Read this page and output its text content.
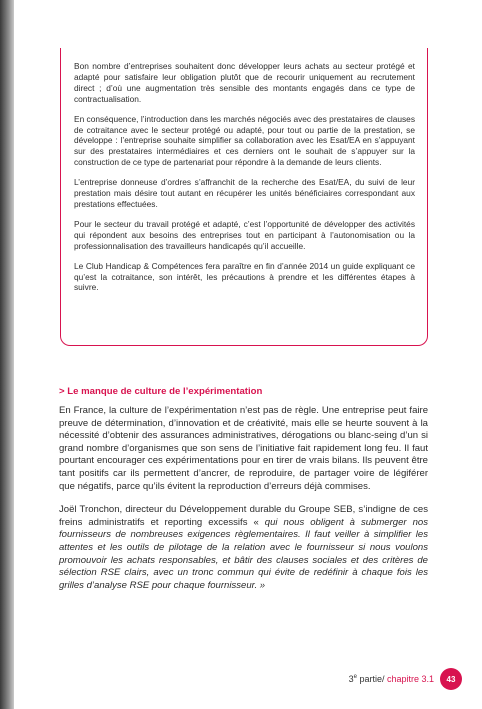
Bon nombre d’entreprises souhaitent donc développer leurs achats au secteur protégé et adapté pour satisfaire leur obligation plutôt que de recourir uniquement au recrutement direct ; d’où une augmentation très sensible des montants engagés dans ce type de contractualisation.

En conséquence, l’introduction dans les marchés négociés avec des prestataires de clauses de cotraitance avec le secteur protégé ou adapté, pour tout ou partie de la prestation, se développe : l’entreprise souhaite simplifier sa collaboration avec les Esat/EA en s’appuyant sur des prestataires intermédiaires et ces derniers ont le souhait de s’appuyer sur la construction de ce type de partenariat pour répondre à la demande de leurs clients.

L’entreprise donneuse d’ordres s’affranchit de la recherche des Esat/EA, du suivi de leur prestation mais désire tout autant en récupérer les unités bénéficiaires correspondant aux prestations effectuées.

Pour le secteur du travail protégé et adapté, c’est l’opportunité de développer des activités qui répondent aux besoins des entreprises tout en participant à l’autonomisation ou la professionnalisation des travailleurs handicapés qu’il accueille.

Le Club Handicap & Compétences fera paraître en fin d’année 2014 un guide expliquant ce qu’est la cotraitance, son intérêt, les précautions à prendre et les différentes étapes à suivre.

> Le manque de culture de l’expérimentation

En France, la culture de l’expérimentation n’est pas de règle. Une entreprise peut faire preuve de détermination, d’innovation et de créativité, mais elle se heurte souvent à la nécessité d’obtenir des assurances administratives, dérogations ou blanc-seing d’un si grand nombre d’organismes que son sens de l’initiative fait rapidement long feu. Il faut pourtant encourager ces expérimentations pour en tirer de vrais bilans. Ils peuvent être tant positifs car ils permettent d’ancrer, de reproduire, de partager voire de légiférer que négatifs, parce qu’ils évitent la reproduction d’erreurs déjà commises.

Joël Tronchon, directeur du Développement durable du Groupe SEB, s’indigne de ces freins administratifs et reporting excessifs « qui nous obligent à submerger nos fournisseurs de nombreuses exigences règlementaires. Il faut veiller à simplifier les attentes et les outils de pilotage de la relation avec le fournisseur si nous voulons promouvoir les achats responsables, et bâtir des clauses sociales et des critères de sélection RSE clairs, avec un tronc commun qui évite de redéfinir à chaque fois les grilles d’analyse RSE pour chaque fournisseur. »

3e partie/ chapitre 3.1	43
